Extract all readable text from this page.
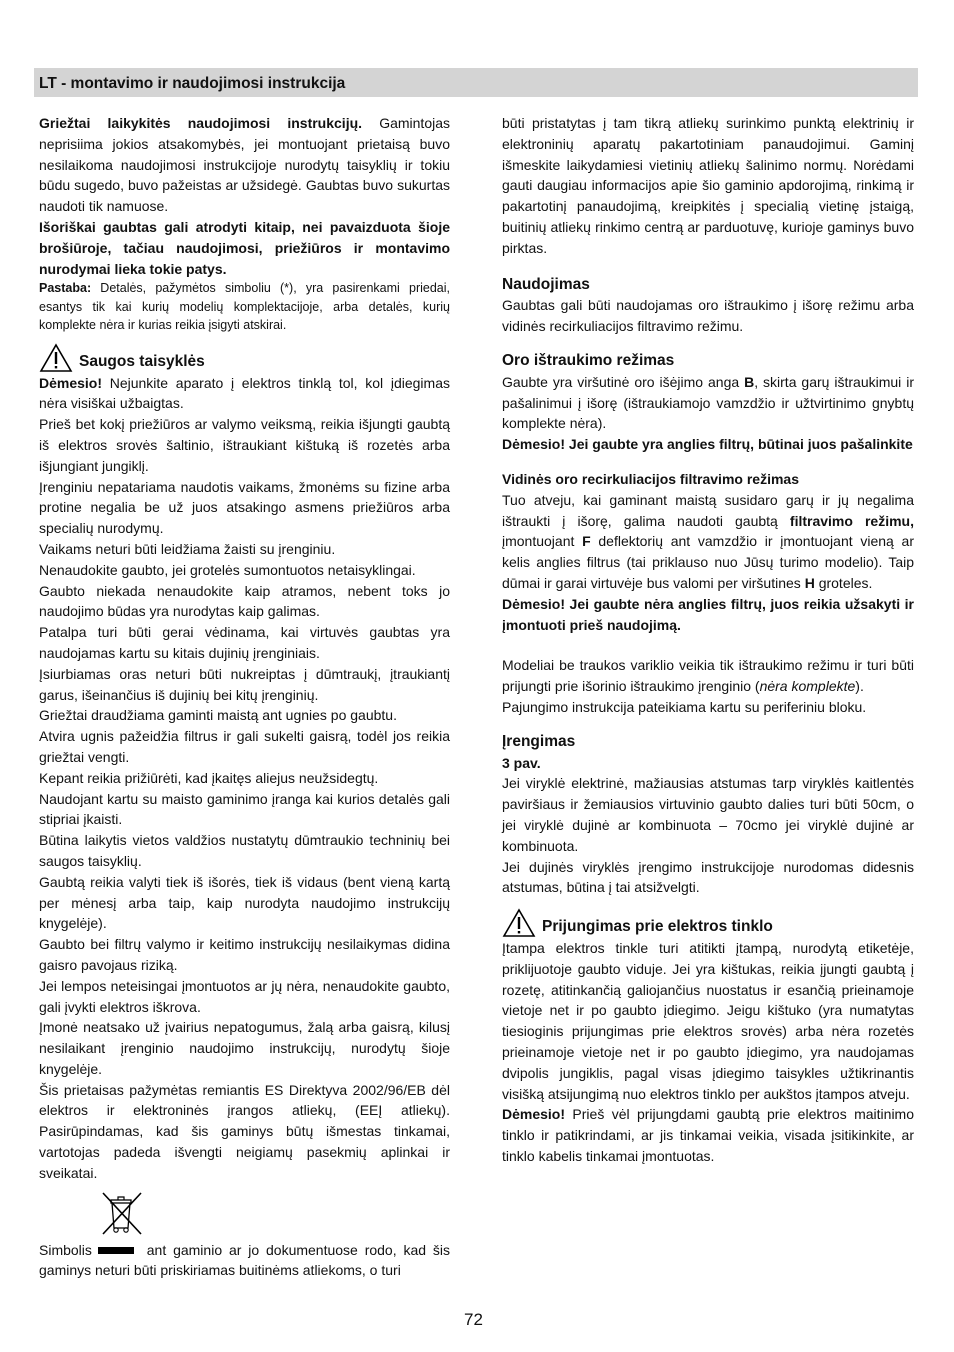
LT - montavimo ir naudojimosi instrukcija

Griežtai laikykitės naudojimosi instrukcijų. Gamintojas neprisiima jokios atsakomybės, jei montuojant prietaisą buvo nesilaikoma naudojimosi instrukcijoje nurodytų taisyklių ir tokiu būdu sugedo, buvo pažeistas ar užsidegė. Gaubtas buvo sukurtas naudoti tik namuose.

Išoriškai gaubtas gali atrodyti kitaip, nei pavaizduota šioje brošiūroje, tačiau naudojimosi, priežiūros ir montavimo nurodymai lieka tokie patys.

Pastaba: Detalės, pažymėtos simboliu (*), yra pasirenkami priedai, esantys tik kai kurių modelių komplektacijoje, arba detalės, kurių komplekte nėra ir kurias reikia įsigyti atskirai.

Saugos taisyklės

Dėmesio! Nejunkite aparato į elektros tinklą tol, kol įdiegimas nėra visiškai užbaigtas.

Prieš bet kokį priežiūros ar valymo veiksmą, reikia išjungti gaubtą iš elektros srovės šaltinio, ištraukiant kištuką iš rozetės arba išjungiant jungiklį.

Įrenginiu nepatariama naudotis vaikams, žmonėms su fizine arba protine negalia be už juos atsakingo asmens priežiūros arba specialių nurodymų.

Vaikams neturi būti leidžiama žaisti su įrenginiu.

Nenaudokite gaubto, jei grotelės sumontuotos netaisyklingai.

Gaubto niekada nenaudokite kaip atramos, nebent toks jo naudojimo būdas yra nurodytas kaip galimas.

Patalpa turi būti gerai vėdinama, kai virtuvės gaubtas yra naudojamas kartu su kitais dujinių įrenginiais.

Įsiurbiamas oras neturi būti nukreiptas į dūmtraukį, įtraukiantį garus, išeinančius iš dujinių bei kitų įrenginių.

Griežtai draudžiama gaminti maistą ant ugnies po gaubtu.

Atvira ugnis pažeidžia filtrus ir gali sukelti gaisrą, todėl jos reikia griežtai vengti.

Kepant reikia prižiūrėti, kad įkaitęs aliejus neužsidegtų.

Naudojant kartu su maisto gaminimo įranga kai kurios detalės gali stipriai įkaisti.

Būtina laikytis vietos valdžios nustatytų dūmtraukio techninių bei saugos taisyklių.

Gaubtą reikia valyti tiek iš išorės, tiek iš vidaus (bent vieną kartą per mėnesį arba taip, kaip nurodyta naudojimo instrukcijų knygelėje).

Gaubto bei filtrų valymo ir keitimo instrukcijų nesilaikymas didina gaisro pavojaus riziką.

Jei lempos neteisingai įmontuotos ar jų nėra, nenaudokite gaubto, gali įvykti elektros iškrova.

Įmonė neatsako už įvairius nepatogumus, žalą arba gaisrą, kilusį nesilaikant įrenginio naudojimo instrukcijų, nurodytų šioje knygelėje.

Šis prietaisas pažymėtas remiantis ES Direktyva 2002/96/EB dėl elektros ir elektroninės įrangos atliekų, (EEĮ atliekų). Pasirūpindamas, kad šis gaminys būtų išmestas tinkamai, vartotojas padeda išvengti neigiamų pasekmių aplinkai ir sveikatai.

Simbolis	ant gaminio ar jo dokumentuose rodo, kad šis gaminys neturi būti priskiriamas buitinėms atliekoms, o turi

būti pristatytas į tam tikrą atliekų surinkimo punktą elektrinių ir elektroninių aparatų pakartotiniam panaudojimui. Gaminį išmeskite laikydamiesi vietinių atliekų šalinimo normų. Norėdami gauti daugiau informacijos apie šio gaminio apdorojimą, rinkimą ir pakartotinį panaudojimą, kreipkitės į specialią vietinę įstaigą, buitinių atliekų rinkimo centrą ar parduotuvę, kurioje gaminys buvo pirktas.

Naudojimas

Gaubtas gali būti naudojamas oro ištraukimo į išorę režimu arba vidinės recirkuliacijos filtravimo režimu.

Oro ištraukimo režimas

Gaubte yra viršutinė oro išėjimo anga B, skirta garų ištraukimui ir pašalinimui į išorę (ištraukiamojo vamzdžio ir užtvirtinimo gnybtų komplekte nėra).

Dėmesio! Jei gaubte yra anglies filtrų, būtinai juos pašalinkite

Vidinės oro recirkuliacijos filtravimo režimas

Tuo atveju, kai gaminant maistą susidaro garų ir jų negalima ištraukti į išorę, galima naudoti gaubtą filtravimo režimu, įmontuojant F deflektorių ant vamzdžio ir įmontuojant vieną ar kelis anglies filtrus (tai priklauso nuo Jūsų turimo modelio). Taip dūmai ir garai virtuvėje bus valomi per viršutines H groteles.

Dėmesio! Jei gaubte nėra anglies filtrų, juos reikia užsakyti ir įmontuoti prieš naudojimą.

Modeliai be traukos variklio veikia tik ištraukimo režimu ir turi būti prijungti prie išorinio ištraukimo įrenginio (nėra komplekte).

Pajungimo instrukcija pateikiama kartu su periferiniu bloku.

Įrengimas

3 pav.

Jei viryklė elektrinė, mažiausias atstumas tarp viryklės kaitlentės paviršiaus ir žemiausios virtuvinio gaubto dalies turi būti 50cm, o jei viryklė dujinė ar kombinuota – 70cmo jei viryklė dujinė ar kombinuota.

Jei dujinės viryklės įrengimo instrukcijoje nurodomas didesnis atstumas, būtina į tai atsižvelgti.

Prijungimas prie elektros tinklo

Įtampa elektros tinkle turi atitikti įtampą, nurodytą etiketėje, priklijuotoje gaubto viduje. Jei yra kištukas, reikia įjungti gaubtą į rozetę, atitinkančią galiojančius nuostatus ir esančią prieinamoje vietoje net ir po gaubto įdiegimo. Jeigu kištuko (yra numatytas tiesioginis prijungimas prie elektros srovės) arba nėra rozetės prieinamoje vietoje net ir po gaubto įdiegimo, yra naudojamas dvipolis jungiklis, pagal visas įdiegimo taisykles užtikrinantis visišką atsijungimą nuo elektros tinklo per aukštos įtampos atveju.

Dėmesio! Prieš vėl prijungdami gaubtą prie elektros maitinimo tinklo ir patikrindami, ar jis tinkamai veikia, visada įsitikinkite, ar tinklo kabelis tinkamai įmontuotas.

72
